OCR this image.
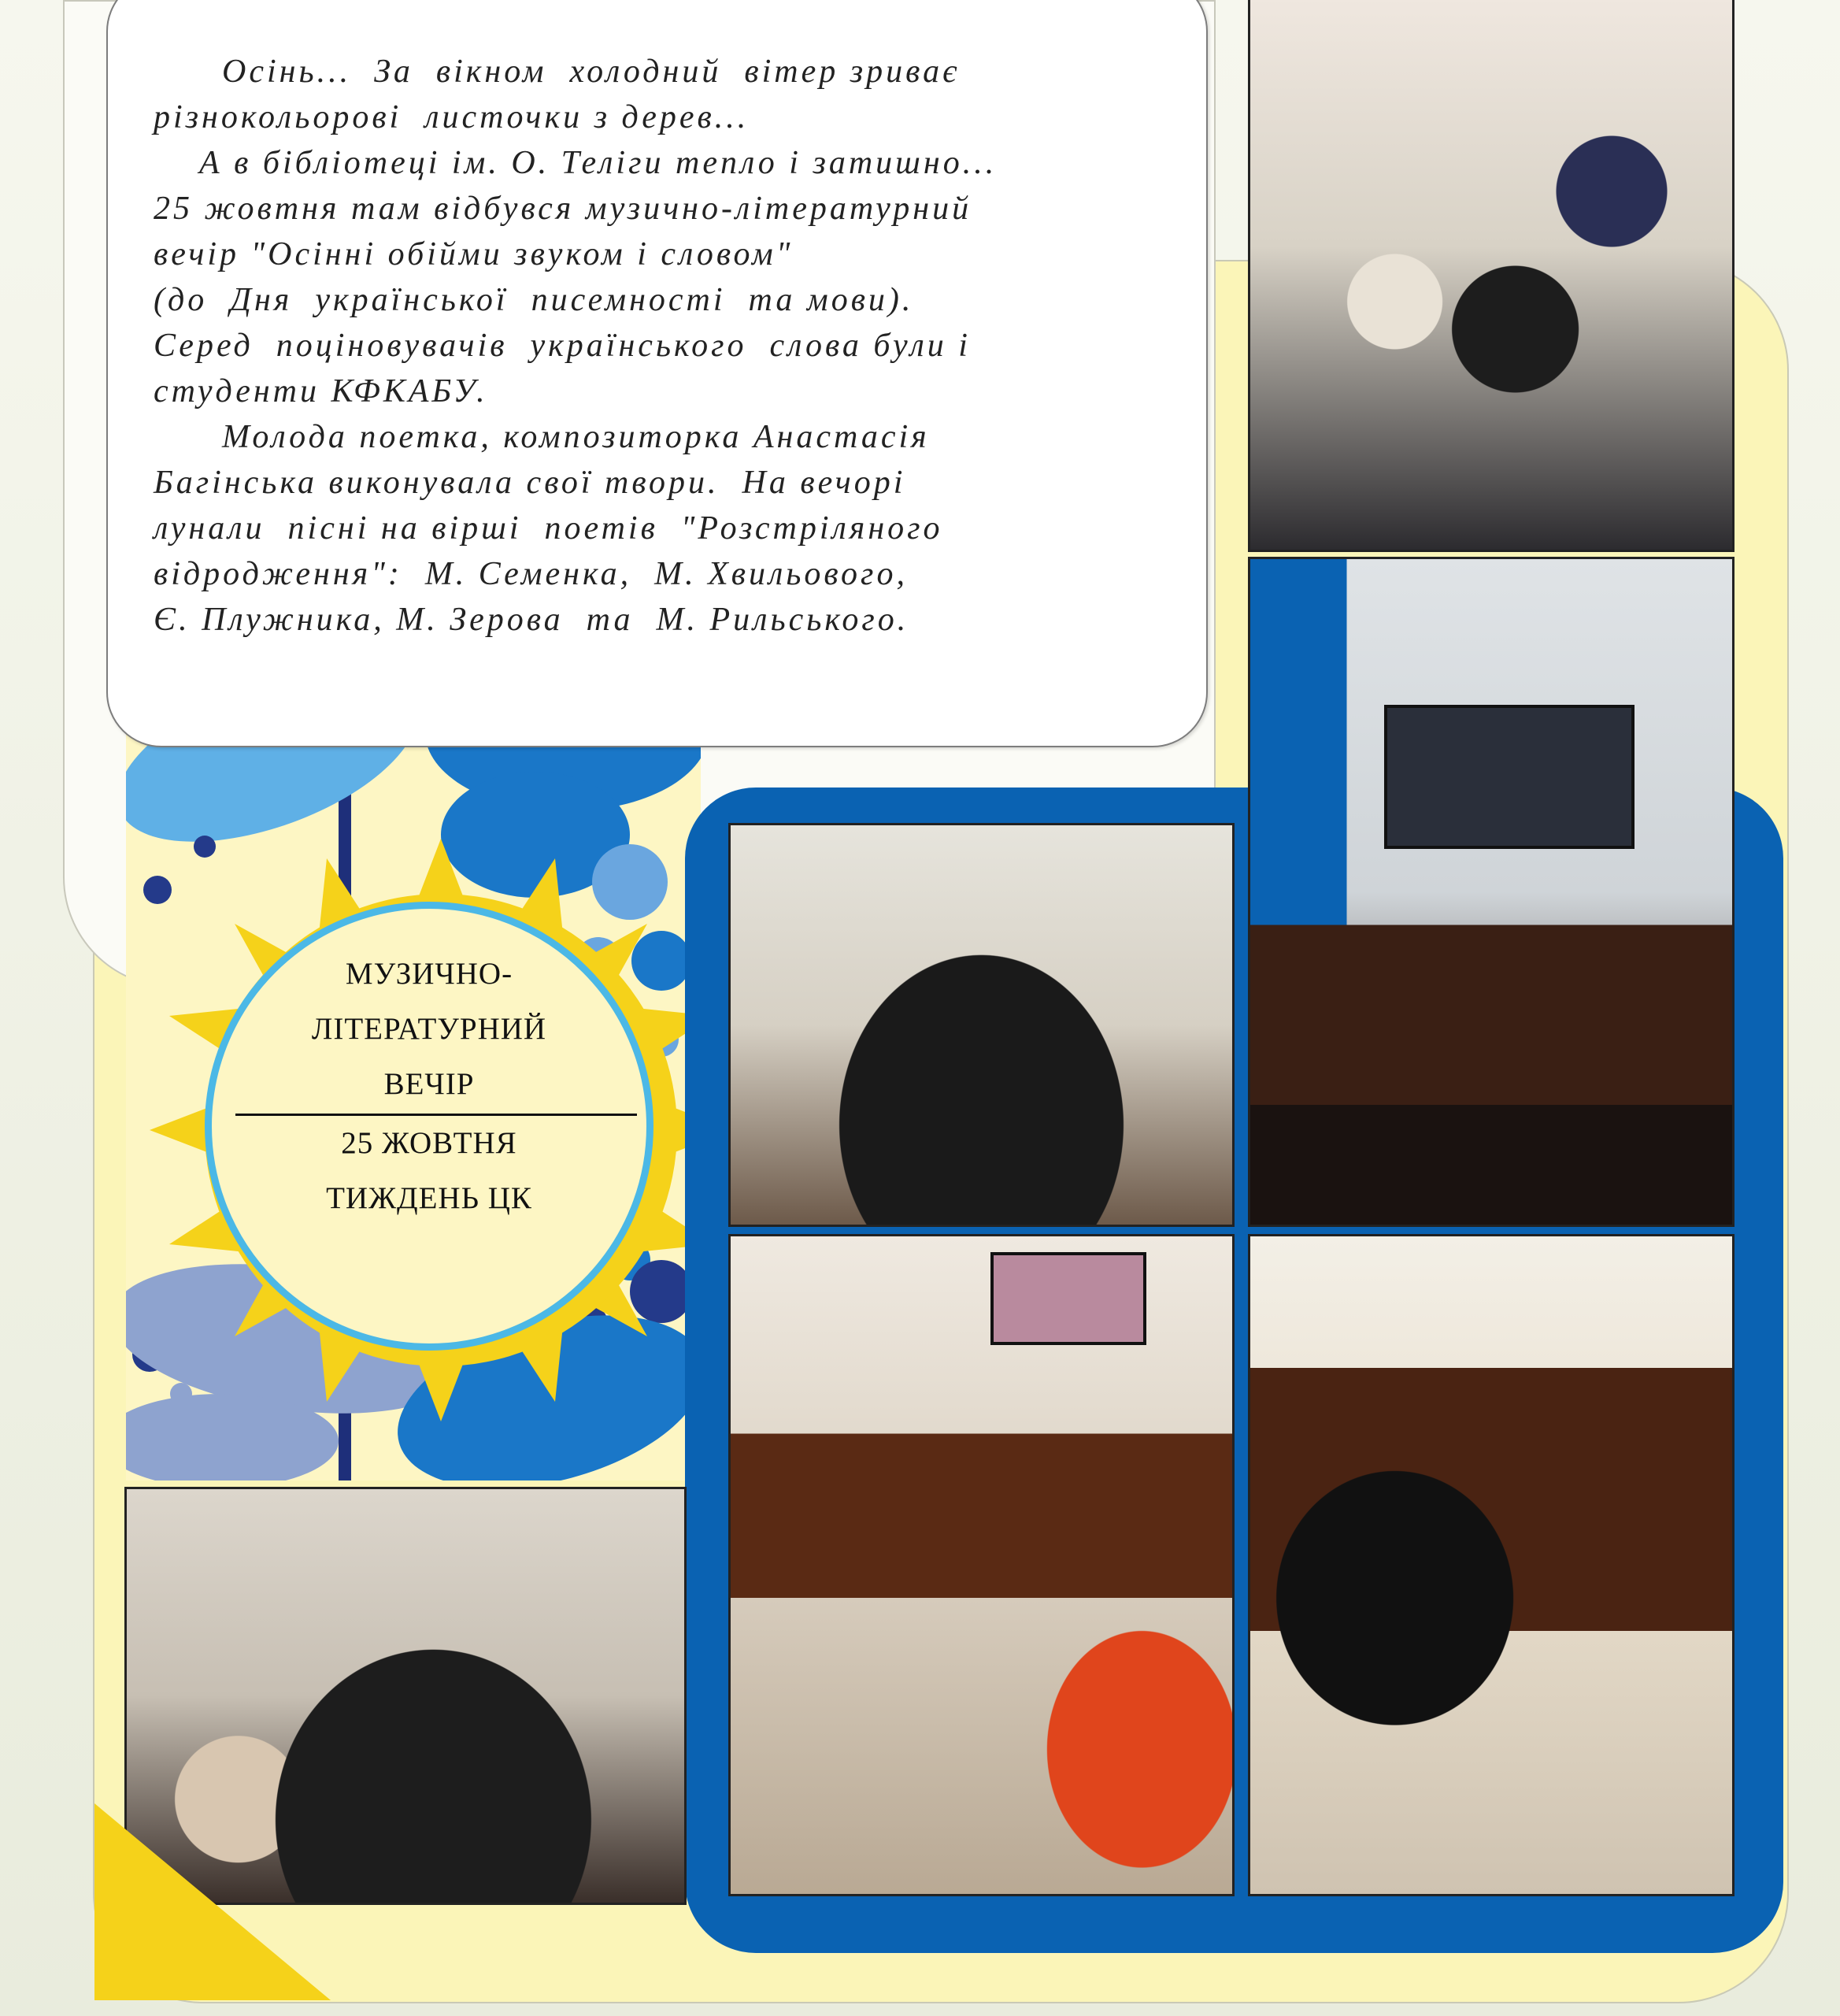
МУЗИЧНО-
ЛІТЕРАТУРНИЙ
ВЕЧІР
25 ЖОВТНЯ
ТИЖДЕНЬ ЦК

Осінь...  За  вікном  холодний  вітер зриває

різнокольорові  листочки з дерев...

А в бібліотеці ім. О. Теліги тепло і затишно...

25 жовтня там відбувся музично-літературний

вечір "Осінні обійми звуком і словом"

(до  Дня  української  писемності  та мови).

Серед  поціновувачів  українського  слова були і

студенти КФКАБУ.

Молода поетка, композиторка Анастасія

Багінська виконувала свої твори.  На вечорі

лунали  пісні на вірші  поетів  "Розстріляного

відродження":  М. Семенка,  М. Хвильового,

Є. Плужника, М. Зерова  та  М. Рильського.
